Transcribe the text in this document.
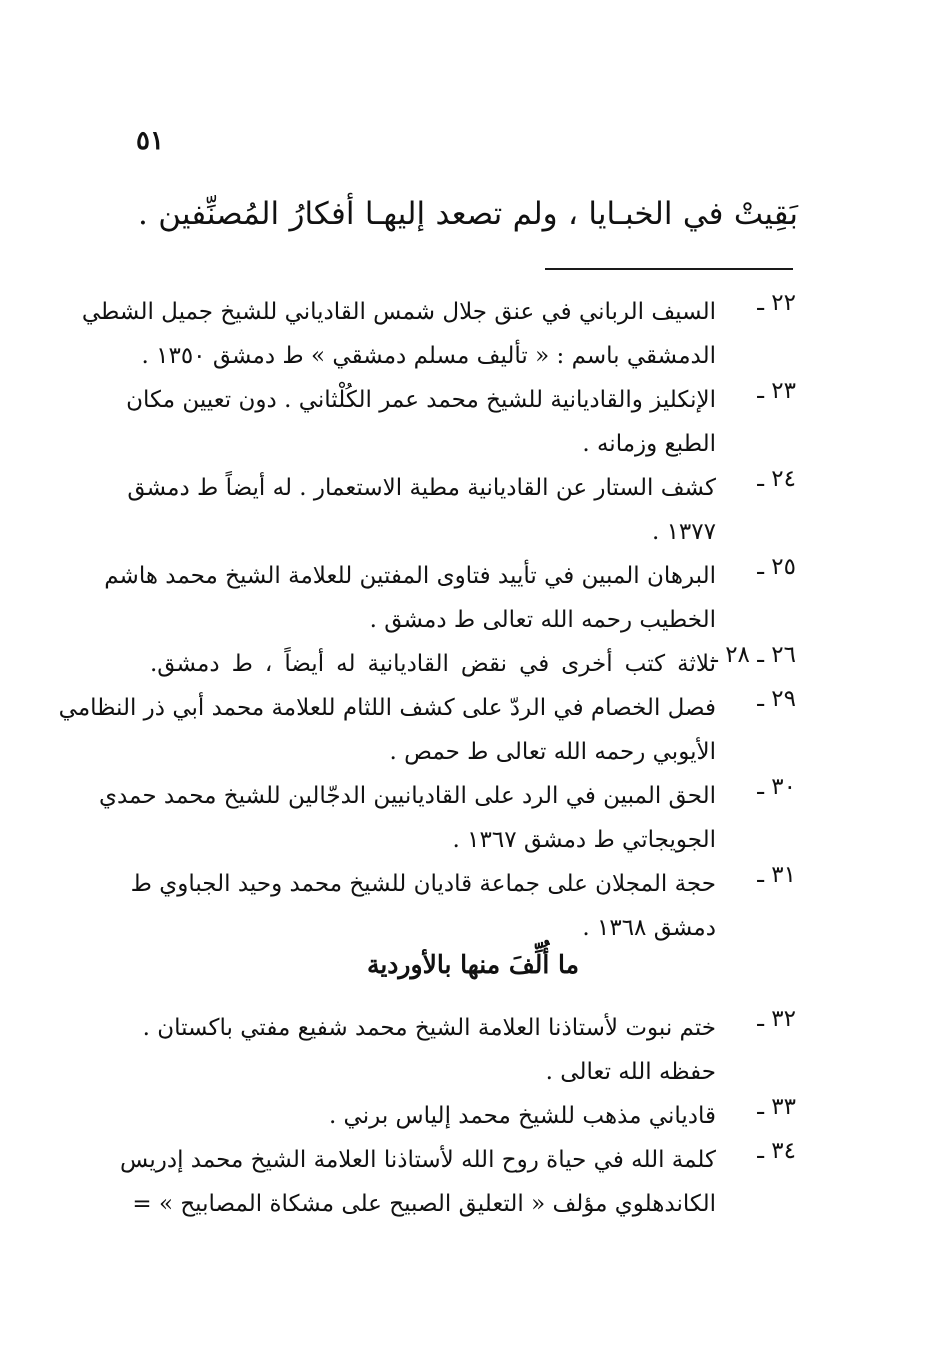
٥١
بَقِيتْ في الخبـايا ، ولم تصعد إليهـا أفكارُ المُصنِّفين .
٢٢ ـ
السيف الرباني في عنق جلال شمس القادياني للشيخ جميل الشطي
الدمشقي باسم : « تأليف مسلم دمشقي » ط دمشق ١٣٥٠ .
٢٣ ـ
الإنكليز والقاديانية للشيخ محمد عمر الكُلْثاني . دون تعيين مكان
الطبع وزمانه .
٢٤ ـ
كشف الستار عن القاديانية مطية الاستعمار . له أيضاً ط دمشق
١٣٧٧ .
٢٥ ـ
البرهان المبين في تأييد فتاوى المفتين للعلامة الشيخ محمد هاشم
الخطيب رحمه الله تعالى ط دمشق .
٢٦ ـ ٢٨ ـ
ثلاثة كتب أخرى في نقض القاديانية له أيضاً ، ط دمشق.
٢٩ ـ
فصل الخصام في الردّ على كشف اللثام للعلامة محمد أبي ذر النظامي
الأيوبي رحمه الله تعالى ط حمص .
٣٠ ـ
الحق المبين في الرد على القاديانيين الدجّالين للشيخ محمد حمدي
الجويجاتي ط دمشق ١٣٦٧ .
٣١ ـ
حجة المجلان على جماعة قاديان للشيخ محمد وحيد الجباوي ط
دمشق ١٣٦٨ .
ما أُلِّفَ منها بالأوردية
٣٢ ـ
ختم نبوت لأستاذنا العلامة الشيخ محمد شفيع مفتي باكستان .
حفظه الله تعالى .
٣٣ ـ
قادياني مذهب للشيخ محمد إلياس برني .
٣٤ ـ
كلمة الله في حياة روح الله لأستاذنا العلامة الشيخ محمد إدريس
الكاندهلوي مؤلف « التعليق الصبيح على مشكاة المصابيح » =
